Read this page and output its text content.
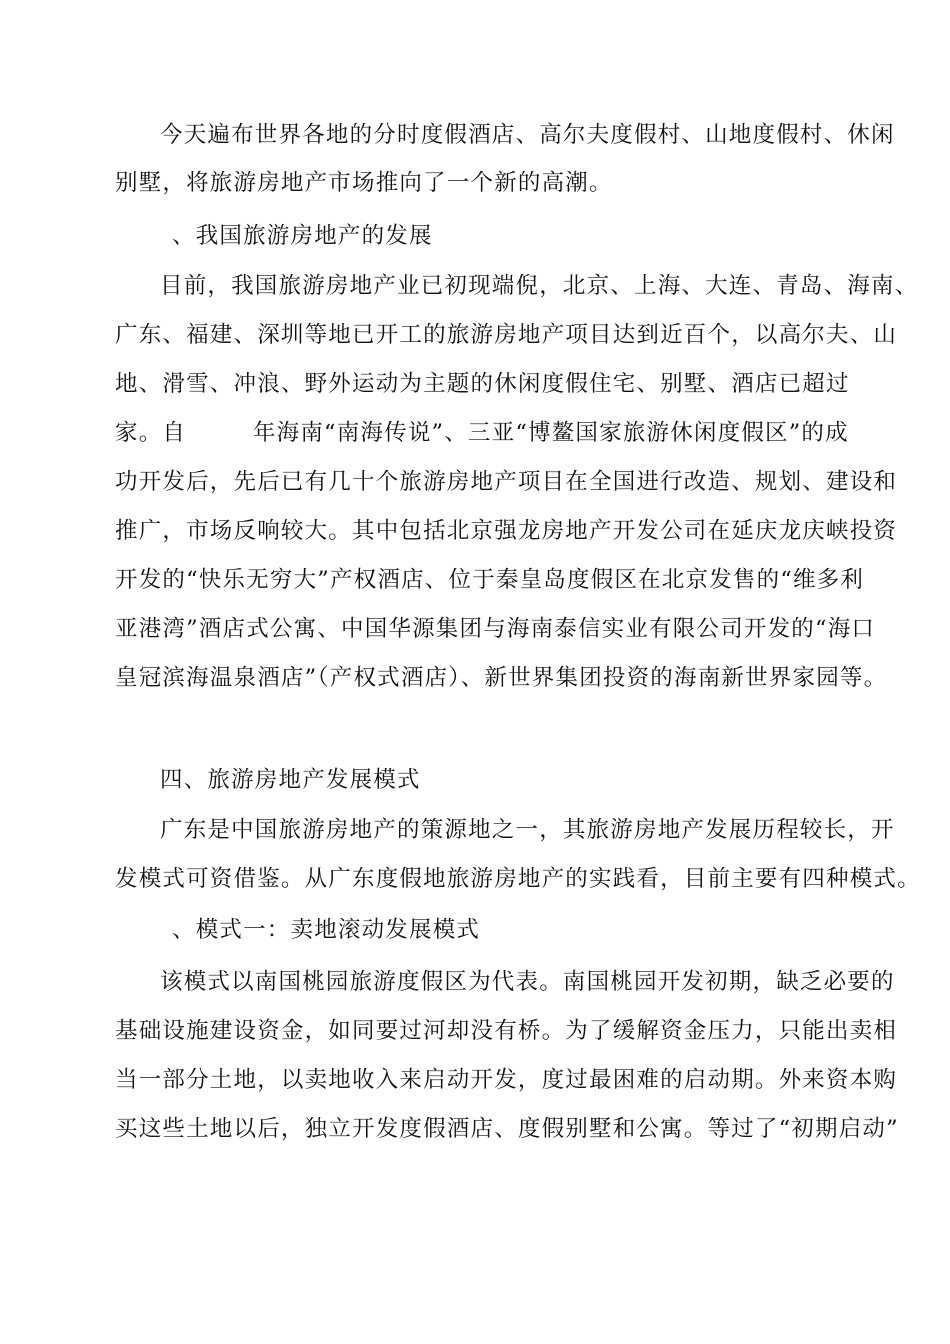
今天遍布世界各地的分时度假酒店、高尔夫度假村、山地度假村、休闲
别墅，将旅游房地产市场推向了一个新的高潮。
、我国旅游房地产的发展
目前，我国旅游房地产业已初现端倪，北京、上海、大连、青岛、海南、
广东、福建、深圳等地已开工的旅游房地产项目达到近百个，以高尔夫、山
地、滑雪、冲浪、野外运动为主题的休闲度假住宅、别墅、酒店已超过
家。自        年海南“南海传说”、三亚“博鳌国家旅游休闲度假区”的成
功开发后，先后已有几十个旅游房地产项目在全国进行改造、规划、建设和
推广，市场反响较大。其中包括北京强龙房地产开发公司在延庆龙庆峡投资
开发的“快乐无穷大”产权酒店、位于秦皇岛度假区在北京发售的“维多利
亚港湾”酒店式公寓、中国华源集团与海南泰信实业有限公司开发的“海口
皇冠滨海温泉酒店”（产权式酒店）、新世界集团投资的海南新世界家园等。
四、旅游房地产发展模式
广东是中国旅游房地产的策源地之一，其旅游房地产发展历程较长，开
发模式可资借鉴。从广东度假地旅游房地产的实践看，目前主要有四种模式。
、模式一：卖地滚动发展模式
该模式以南国桃园旅游度假区为代表。南国桃园开发初期，缺乏必要的
基础设施建设资金，如同要过河却没有桥。为了缓解资金压力，只能出卖相
当一部分土地，以卖地收入来启动开发，度过最困难的启动期。外来资本购
买这些土地以后，独立开发度假酒店、度假别墅和公寓。等过了“初期启动”
